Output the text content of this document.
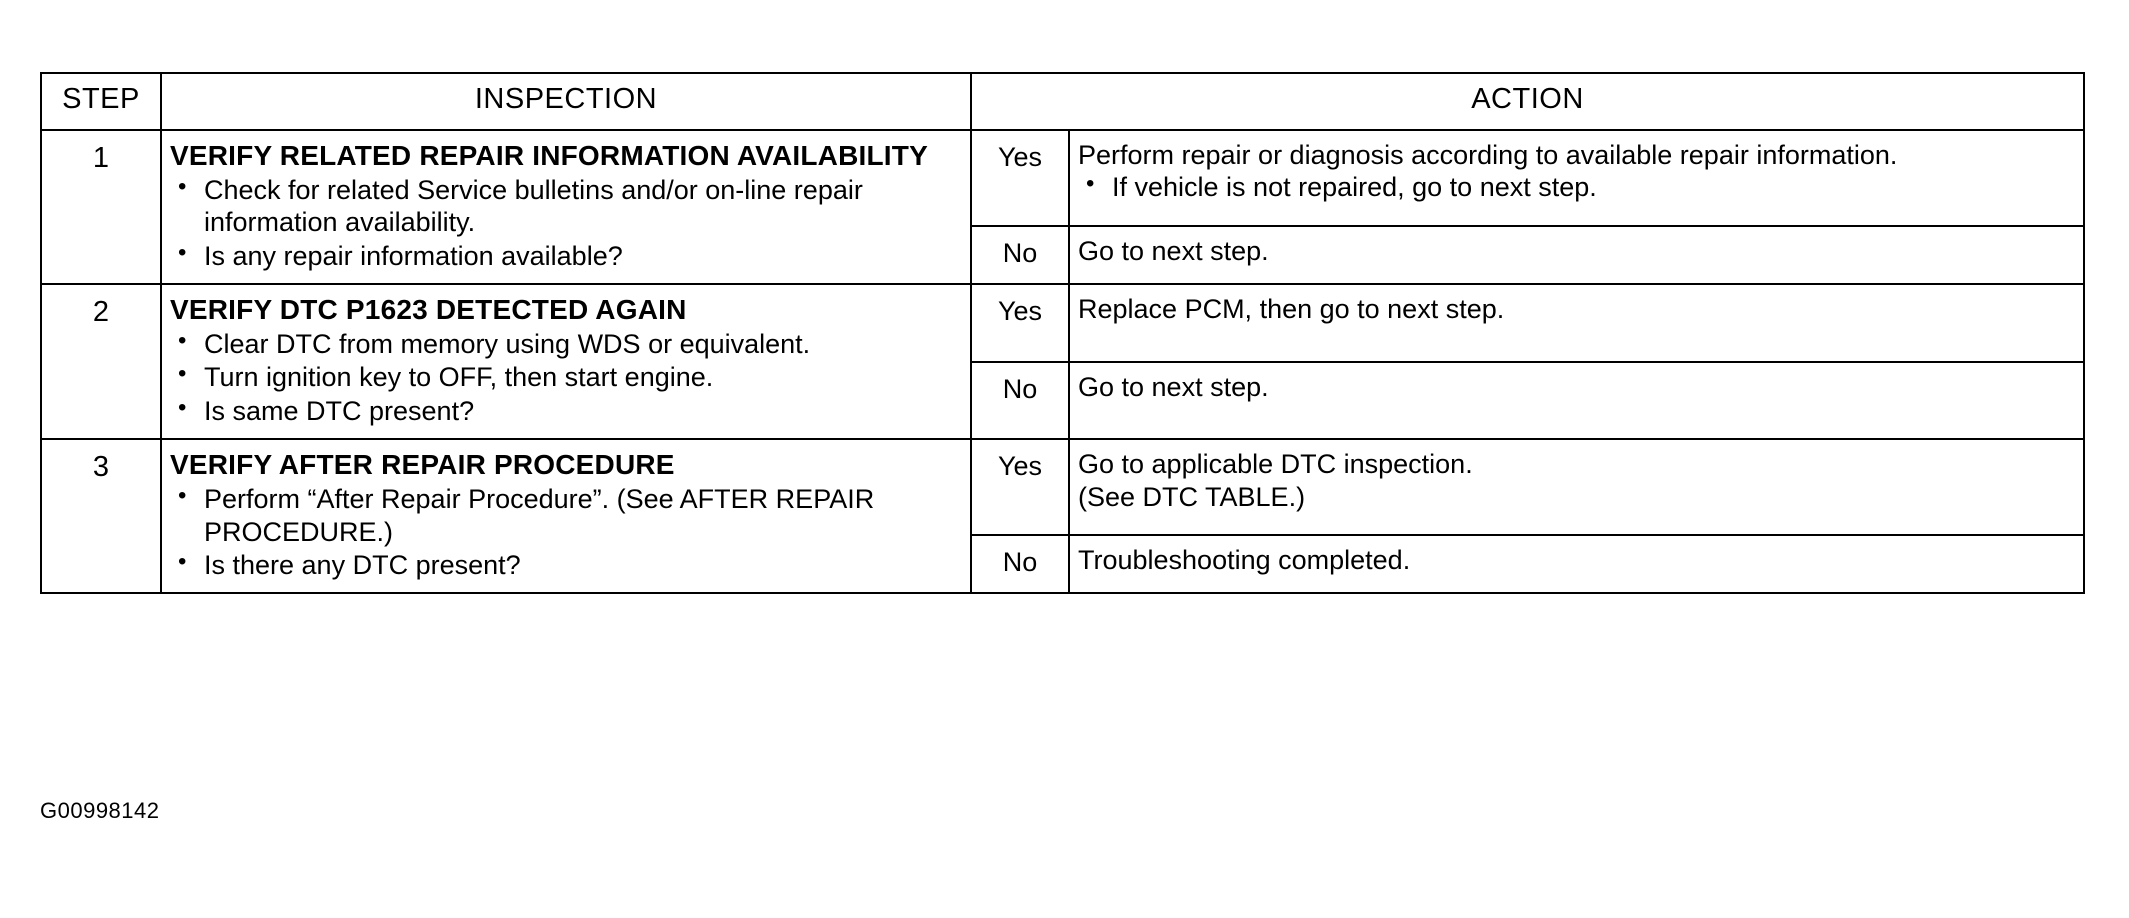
STEP	INSPECTION	ACTION	
1	VERIFY RELATED REPAIR INFORMATION AVAILABILITY
• Check for related Service bulletins and/or on-line repair information availability.
• Is any repair information available?
	Yes	Perform repair or diagnosis according to available repair information.

• If vehicle is not repaired, go to next step.

		No	Go to next step.

2	VERIFY DTC P1623 DETECTED AGAIN
• Clear DTC from memory using WDS or equivalent.
• Turn ignition key to OFF, then start engine.
• Is same DTC present?
	Yes	Replace PCM, then go to next step.

		No	Go to next step.

3	VERIFY AFTER REPAIR PROCEDURE
• Perform “After Repair Procedure”. (See AFTER REPAIR PROCEDURE.)
• Is there any DTC present?
	Yes	Go to applicable DTC inspection.

(See DTC TABLE.)

		No	Troubleshooting completed.

G00998142
